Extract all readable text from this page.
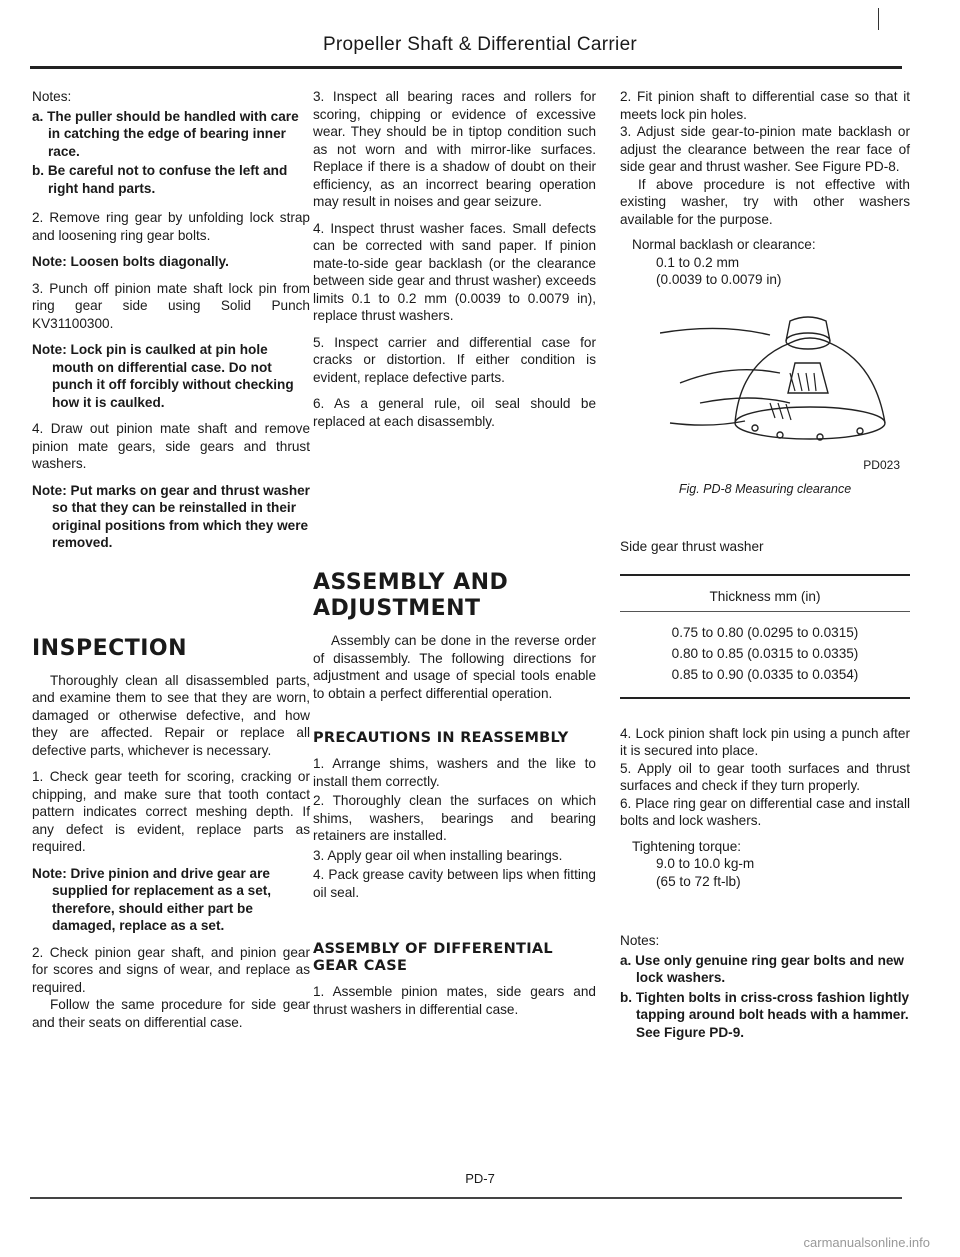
Propeller Shaft & Differential Carrier

Notes:

a. The puller should be handled with care in catching the edge of bearing inner race.

b. Be careful not to confuse the left and right hand parts.

2. Remove ring gear by unfolding lock strap and loosening ring gear bolts.

Note: Loosen bolts diagonally.

3. Punch off pinion mate shaft lock pin from ring gear side using Solid Punch KV31100300.

Note: Lock pin is caulked at pin hole mouth on differential case. Do not punch it off forcibly without checking how it is caulked.

4. Draw out pinion mate shaft and remove pinion mate gears, side gears and thrust washers.

Note: Put marks on gear and thrust washer so that they can be reinstalled in their original positions from which they were removed.

INSPECTION

Thoroughly clean all disassembled parts, and examine them to see that they are worn, damaged or otherwise defective, and how they are affected. Repair or replace all defective parts, whichever is necessary.

1. Check gear teeth for scoring, cracking or chipping, and make sure that tooth contact pattern indicates correct meshing depth. If any defect is evident, replace parts as required.

Note: Drive pinion and drive gear are supplied for replacement as a set, therefore, should either part be damaged, replace as a set.

2. Check pinion gear shaft, and pinion gear for scores and signs of wear, and replace as required.

Follow the same procedure for side gear and their seats on differential case.

3. Inspect all bearing races and rollers for scoring, chipping or evidence of excessive wear. They should be in tiptop condition such as not worn and with mirror-like surfaces. Replace if there is a shadow of doubt on their efficiency, as an incorrect bearing operation may result in noises and gear seizure.

4. Inspect thrust washer faces. Small defects can be corrected with sand paper. If pinion mate-to-side gear backlash (or the clearance between side gear and thrust washer) exceeds limits 0.1 to 0.2 mm (0.0039 to 0.0079 in), replace thrust washers.

5. Inspect carrier and differential case for cracks or distortion. If either condition is evident, replace defective parts.

6. As a general rule, oil seal should be replaced at each disassembly.

ASSEMBLY AND ADJUSTMENT

Assembly can be done in the reverse order of disassembly. The following directions for adjustment and usage of special tools enable to obtain a perfect differential operation.

PRECAUTIONS IN REASSEMBLY

1. Arrange shims, washers and the like to install them correctly.

2. Thoroughly clean the surfaces on which shims, washers, bearings and bearing retainers are installed.

3. Apply gear oil when installing bearings.

4. Pack grease cavity between lips when fitting oil seal.

ASSEMBLY OF DIFFERENTIAL GEAR CASE

1. Assemble pinion mates, side gears and thrust washers in differential case.

2. Fit pinion shaft to differential case so that it meets lock pin holes.

3. Adjust side gear-to-pinion mate backlash or adjust the clearance between the rear face of side gear and thrust washer. See Figure PD-8.

If above procedure is not effective with existing washer, try with other washers available for the purpose.

Normal backlash or clearance:
0.1 to 0.2 mm
(0.0039 to 0.0079 in)
PD023
Fig. PD-8 Measuring clearance

Side gear thrust washer

Thickness mm (in)
0.75 to 0.80 (0.0295 to 0.0315)
0.80 to 0.85 (0.0315 to 0.0335)
0.85 to 0.90 (0.0335 to 0.0354)

4. Lock pinion shaft lock pin using a punch after it is secured into place.

5. Apply oil to gear tooth surfaces and thrust surfaces and check if they turn properly.

6. Place ring gear on differential case and install bolts and lock washers.

Tightening torque:
9.0 to 10.0 kg-m
(65 to 72 ft-lb)

Notes:

a. Use only genuine ring gear bolts and new lock washers.

b. Tighten bolts in criss-cross fashion lightly tapping around bolt heads with a hammer. See Figure PD-9.

PD-7
carmanualsonline.info
